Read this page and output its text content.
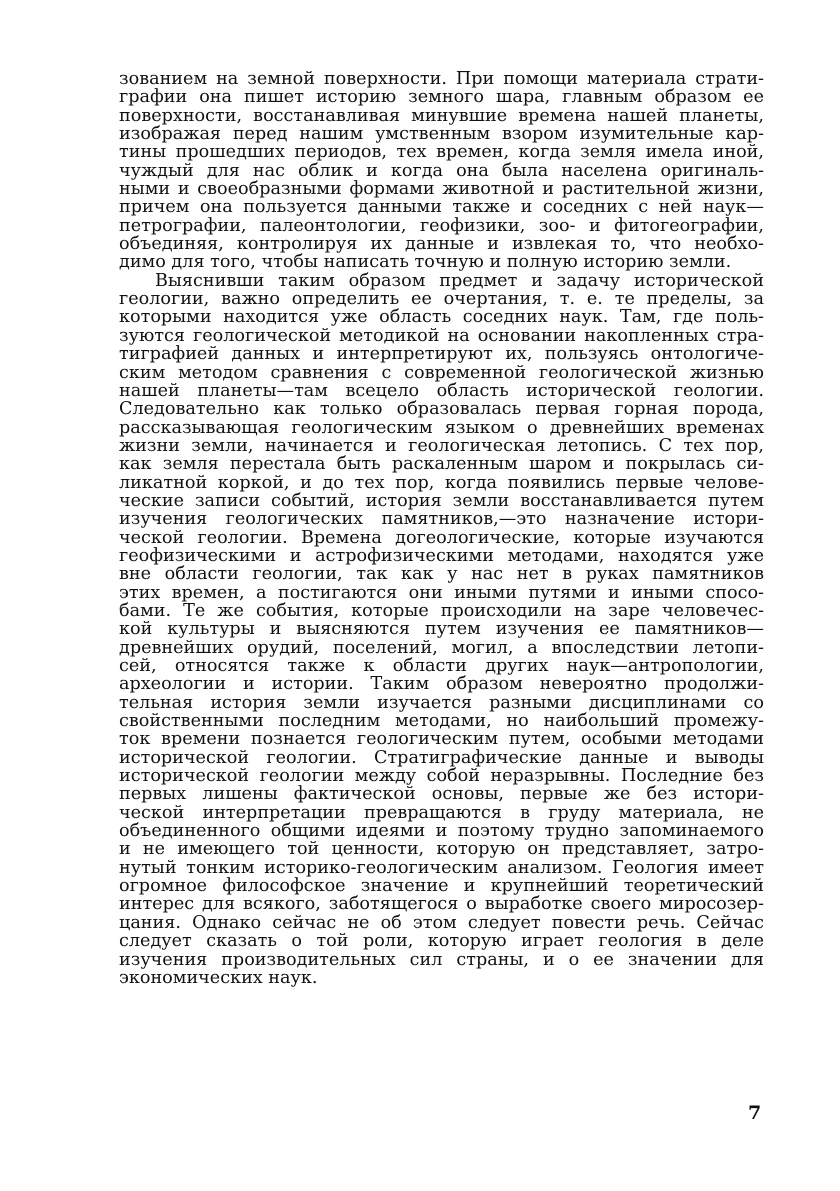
зованием на земной поверхности. При помощи материала страти-
графии она пишет историю земного шара, главным образом ее
поверхности, восстанавливая минувшие времена нашей планеты,
изображая перед нашим умственным взором изумительные кар-
тины прошедших периодов, тех времен, когда земля имела иной,
чуждый для нас облик и когда она была населена оригиналь-
ными и своеобразными формами животной и растительной жизни,
причем она пользуется данными также и соседних с ней наук—
петрографии, палеонтологии, геофизики, зоо- и фитогеографии,
объединяя, контролируя их данные и извлекая то, что необхо-
димо для того, чтобы написать точную и полную историю земли.
Выяснивши таким образом предмет и задачу исторической
геологии, важно определить ее очертания, т. е. те пределы, за
которыми находится уже область соседних наук. Там, где поль-
зуются геологической методикой на основании накопленных стра-
тиграфией данных и интерпретируют их, пользуясь онтологиче-
ским методом сравнения с современной геологической жизнью
нашей планеты—там всецело область исторической геологии.
Следовательно как только образовалась первая горная порода,
рассказывающая геологическим языком о древнейших временах
жизни земли, начинается и геологическая летопись. С тех пор,
как земля перестала быть раскаленным шаром и покрылась си-
ликатной коркой, и до тех пор, когда появились первые челове-
ческие записи событий, история земли восстанавливается путем
изучения геологических памятников,—это назначение истори-
ческой геологии. Времена догеологические, которые изучаются
геофизическими и астрофизическими методами, находятся уже
вне области геологии, так как у нас нет в руках памятников
этих времен, а постигаются они иными путями и иными спосо-
бами. Те же события, которые происходили на заре человечес-
кой культуры и выясняются путем изучения ее памятников—
древнейших орудий, поселений, могил, а впоследствии летопи-
сей, относятся также к области других наук—антропологии,
археологии и истории. Таким образом невероятно продолжи-
тельная история земли изучается разными дисциплинами со
свойственными последним методами, но наибольший промежу-
ток времени познается геологическим путем, особыми методами
исторической геологии. Стратиграфические данные и выводы
исторической геологии между собой неразрывны. Последние без
первых лишены фактической основы, первые же без истори-
ческой интерпретации превращаются в груду материала, не
объединенного общими идеями и поэтому трудно запоминаемого
и не имеющего той ценности, которую он представляет, затро-
нутый тонким историко-геологическим анализом. Геология имеет
огромное философское значение и крупнейший теоретический
интерес для всякого, заботящегося о выработке своего миросозер-
цания. Однако сейчас не об этом следует повести речь. Сейчас
следует сказать о той роли, которую играет геология в деле
изучения производительных сил страны, и о ее значении для
экономических наук.
7
